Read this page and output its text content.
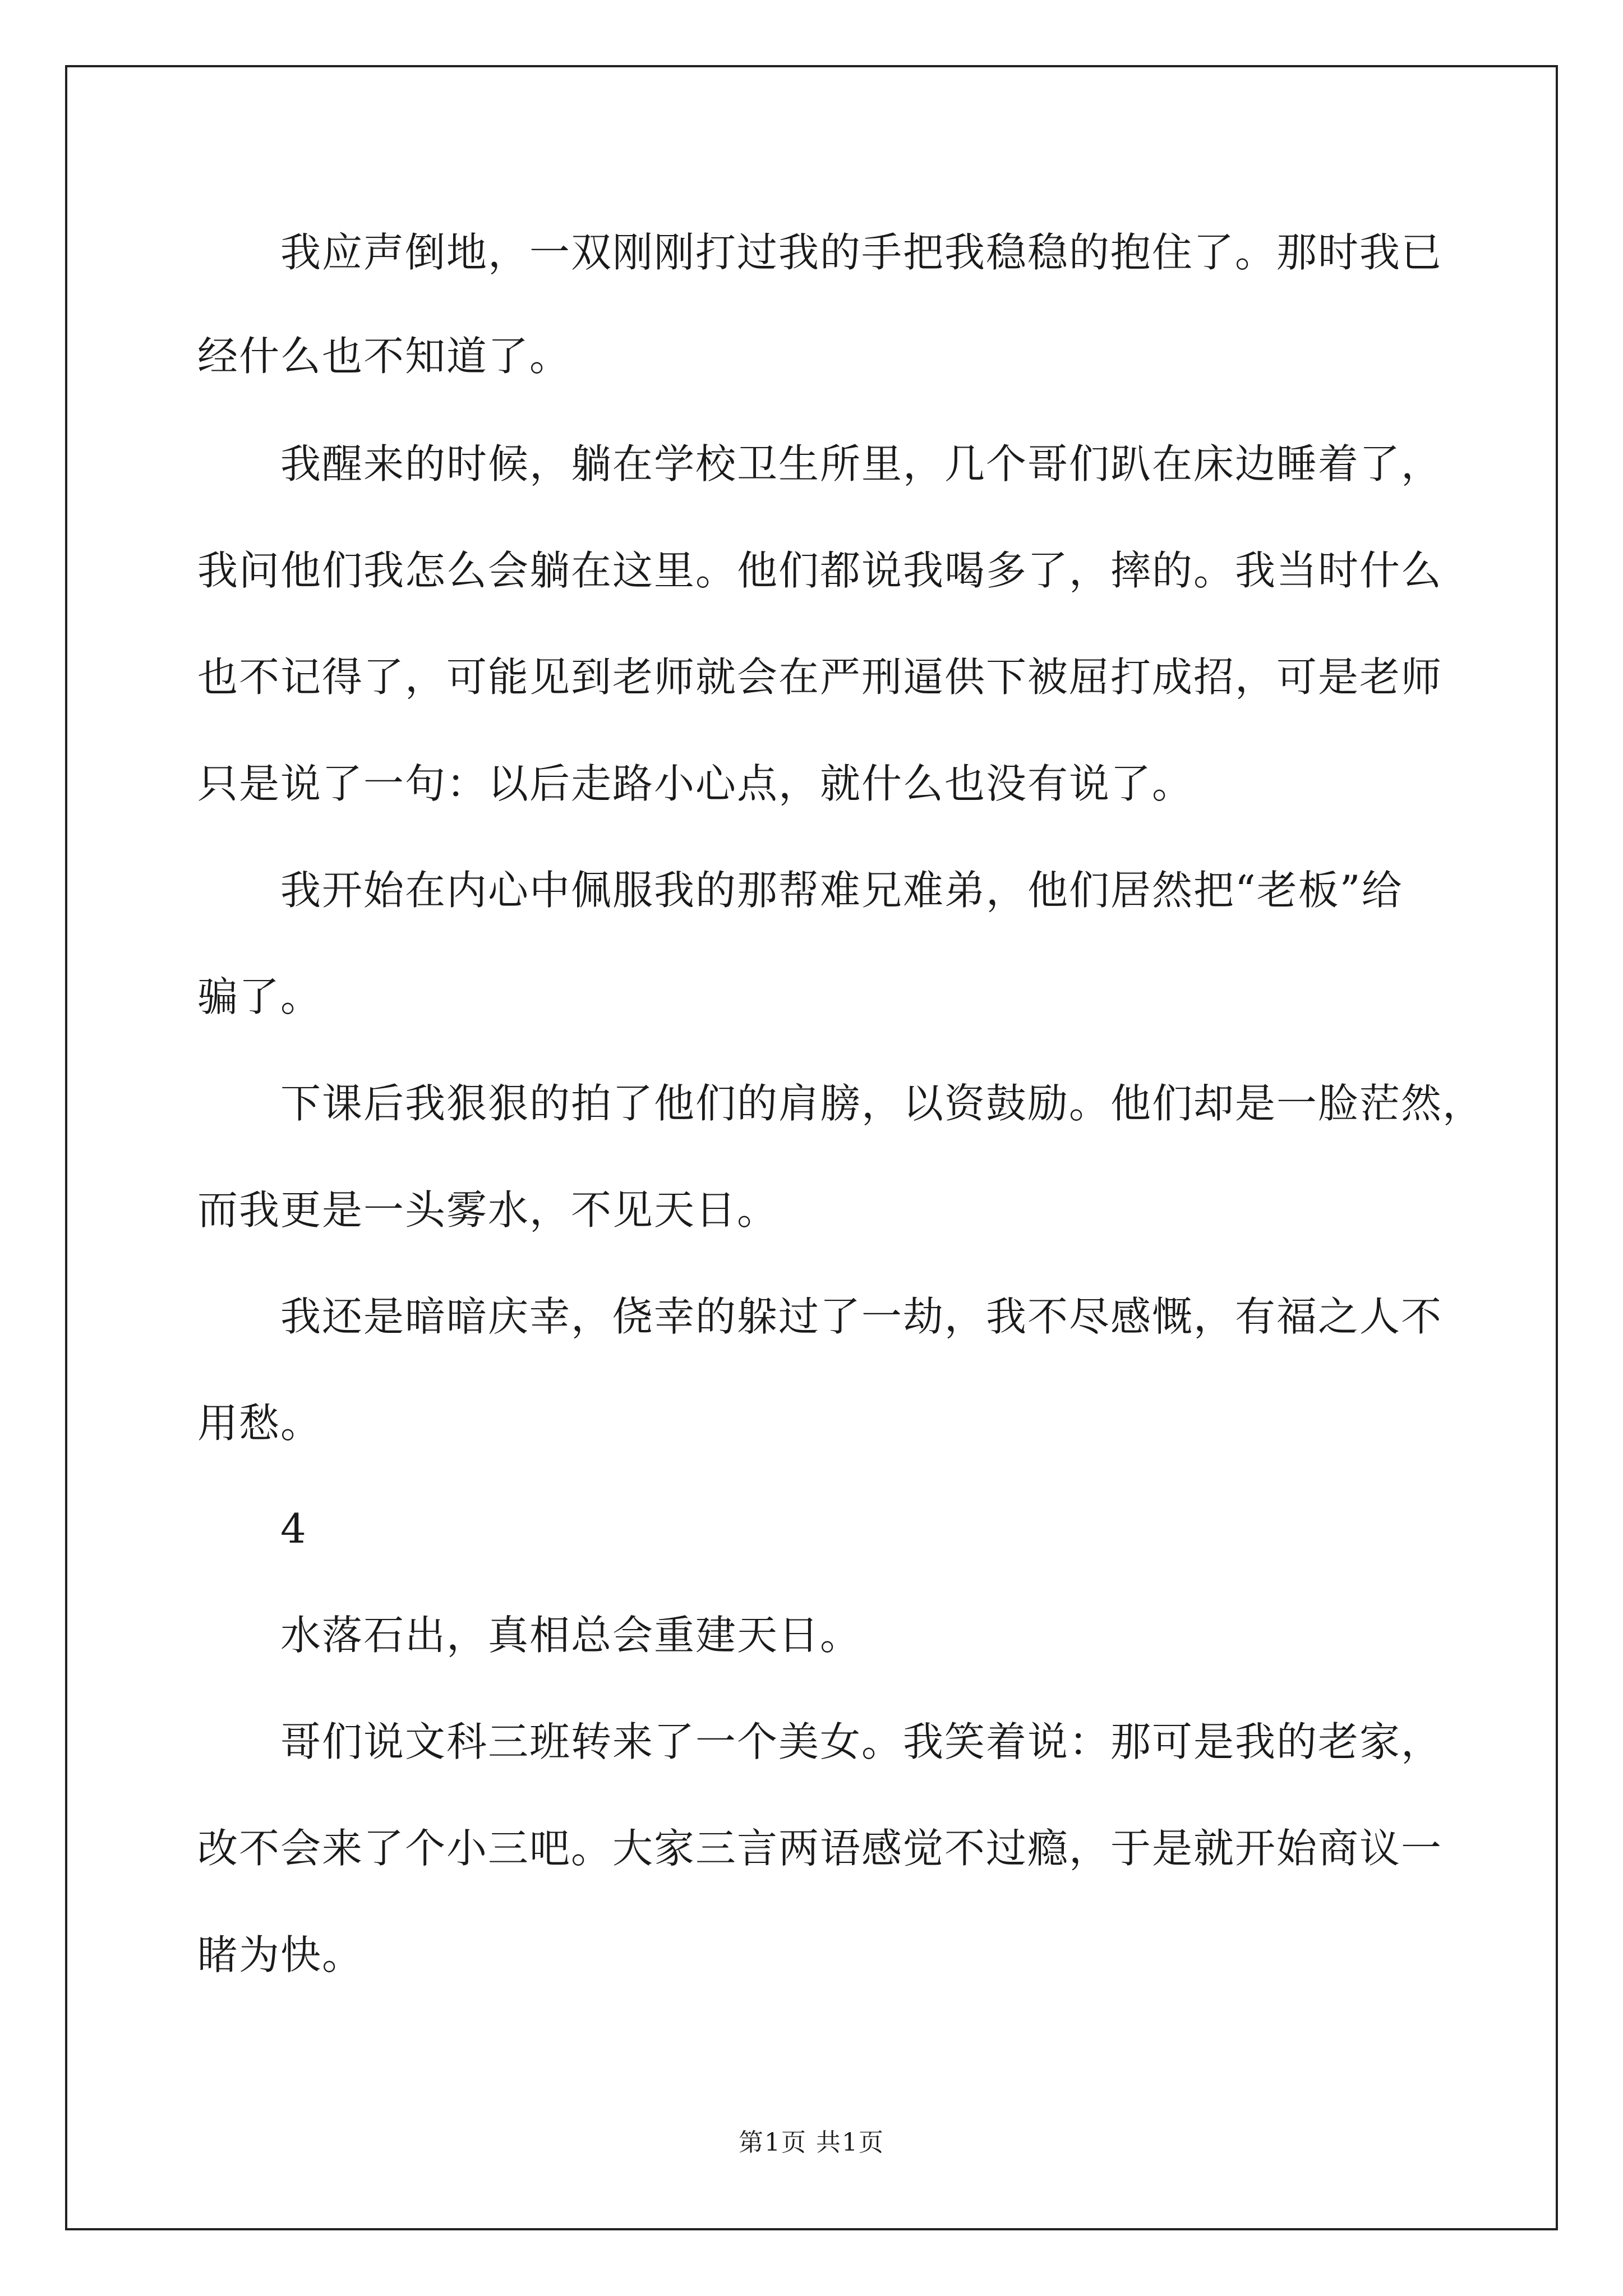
我应声倒地，一双刚刚打过我的手把我稳稳的抱住了。那时我已
经什么也不知道了。
我醒来的时候，躺在学校卫生所里，几个哥们趴在床边睡着了，
我问他们我怎么会躺在这里。他们都说我喝多了，摔的。我当时什么
也不记得了，可能见到老师就会在严刑逼供下被屈打成招，可是老师
只是说了一句：以后走路小心点，就什么也没有说了。
我开始在内心中佩服我的那帮难兄难弟，他们居然把“老板”给
骗了。
下课后我狠狠的拍了他们的肩膀，以资鼓励。他们却是一脸茫然，
而我更是一头雾水，不见天日。
我还是暗暗庆幸，侥幸的躲过了一劫，我不尽感慨，有福之人不
用愁。
4
水落石出，真相总会重建天日。
哥们说文科三班转来了一个美女。我笑着说：那可是我的老家，
改不会来了个小三吧。大家三言两语感觉不过瘾，于是就开始商议一
睹为快。
第1页 共1页
